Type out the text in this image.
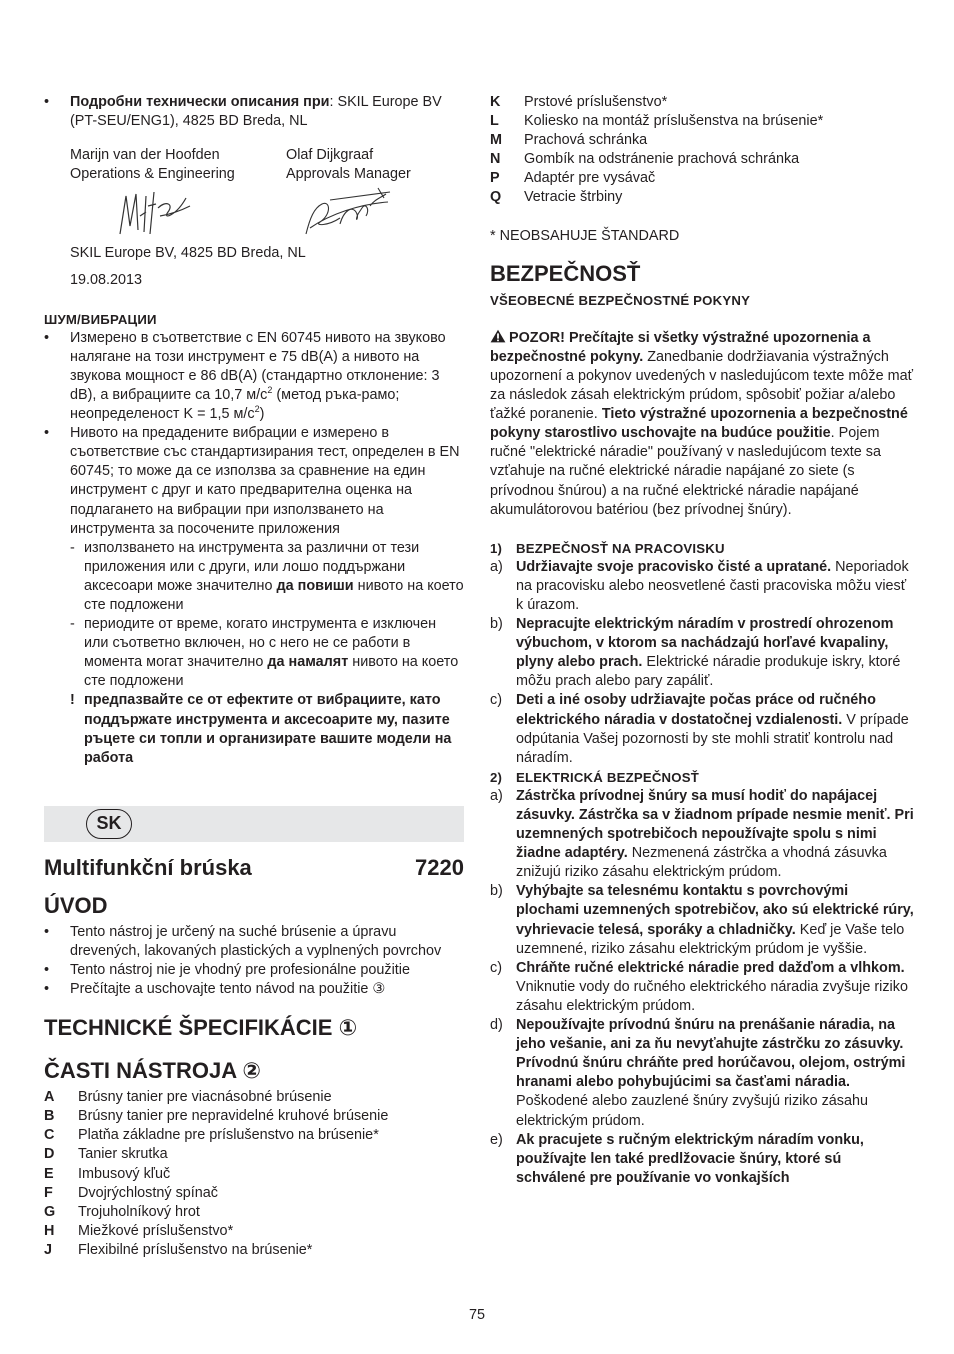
• Подробни технически описания при: SKIL Europe BV (PT-SEU/ENG1), 4825 BD Breda, NL

Marijn van der Hoofden

Operations & Engineering

Olaf Dijkgraaf

Approvals Manager

SKIL Europe BV, 4825 BD Breda, NL

19.08.2013

ШУМ/ВИБРАЦИИ

• Измерено в съответствие с EN 60745 нивото на звуково налягане на този инструмент е 75 dB(A) а нивото на звукова мощност е 86 dB(A) (стандартно отклонение: 3 dB), а вибрациите са 10,7 $м/с^2$ (метод ръка-рамо; неопределеност K = 1,5 $м/с^2$)

• Нивото на предадените вибрации е измерено в съответствие със стандартизирания тест, определен в EN 60745; то може да се използва за сравнение на един инструмент с друг и като предварителна оценка на подлагането на вибрации при използването на инструмента за посочените приложения

- използването на инструмента за различни от тези приложения или с други, или лошо поддържани аксесоари може значително да повиши нивото на което сте подложени

- периодите от време, когато инструмента е изключен или съответно включен, но с него не се работи в момента могат значително да намалят нивото на което сте подложени

! предпазвайте се от ефектите от вибрациите, като поддържате инструмента и аксесоарите му, пазите ръцете си топли и организирате вашите модели на работа

SK
Multifunkční brúska	7220

ÚVOD

• Tento nástroj je určený na suché brúsenie a úpravu drevených, lakovaných plastických a vyplnených povrchov

• Tento nástroj nie je vhodný pre profesionálne použitie

• Prečítajte a uschovajte tento návod na použitie ③

TECHNICKÉ ŠPECIFIKÁCIE ①

ČASTI NÁSTROJA ②

A Brúsny tanier pre viacnásobné brúsenie

B Brúsny tanier pre nepravidelné kruhové brúsenie

C Platňa základne pre príslušenstvo na brúsenie*

D Tanier skrutka

E Imbusový kľuč

F Dvojrýchlostný spínač

G Trojuholníkový hrot

H Miežkové príslušenstvo*

J Flexibilné príslušenstvo na brúsenie*

K Prstové príslušenstvo*

L Koliesko na montáž príslušenstva na brúsenie*

M Prachová schránka

N Gombík na odstránenie prachová schránka

P Adaptér pre vysávač

Q Vetracie štrbiny

* NEOBSAHUJE ŠTANDARD

BEZPEČNOSŤ

VŠEOBECNÉ BEZPEČNOSTNÉ POKYNY

POZOR! Prečítajte si všetky výstražné upozornenia a bezpečnostné pokyny. Zanedbanie dodržiavania výstražných upozornení a pokynov uvedených v nasledujúcom texte môže mať za následok zásah elektrickým prúdom, spôsobiť požiar a/alebo ťažké poranenie. Tieto výstražné upozornenia a bezpečnostné pokyny starostlivo uschovajte na budúce použitie. Pojem ručné "elektrické náradie" používaný v nasledujúcom texte sa vzťahuje na ručné elektrické náradie napájané zo siete (s prívodnou šnúrou) a na ručné elektrické náradie napájané akumulátorovou batériou (bez prívodnej šnúry).

1) BEZPEČNOSŤ NA PRACOVISKU

a) Udržiavajte svoje pracovisko čisté a upratané. Neporiadok na pracovisku alebo neosvetlené časti pracoviska môžu viesť k úrazom.

b) Nepracujte elektrickým náradím v prostredí ohrozenom výbuchom, v ktorom sa nachádzajú horľavé kvapaliny, plyny alebo prach. Elektrické náradie produkuje iskry, ktoré môžu prach alebo pary zapáliť.

c) Deti a iné osoby udržiavajte počas práce od ručného elektrického náradia v dostatočnej vzdialenosti. V prípade odpútania Vašej pozornosti by ste mohli stratiť kontrolu nad náradím.

2) ELEKTRICKÁ BEZPEČNOSŤ

a) Zástrčka prívodnej šnúry sa musí hodiť do napájacej zásuvky. Zástrčka sa v žiadnom prípade nesmie meniť. Pri uzemnených spotrebičoch nepoužívajte spolu s nimi žiadne adaptéry. Nezmenená zástrčka a vhodná zásuvka znižujú riziko zásahu elektrickým prúdom.

b) Vyhýbajte sa telesnému kontaktu s povrchovými plochami uzemnených spotrebičov, ako sú elektrické rúry, vyhrievacie telesá, sporáky a chladničky. Keď je Vaše telo uzemnené, riziko zásahu elektrickým prúdom je vyššie.

c) Chráňte ručné elektrické náradie pred dažďom a vlhkom. Vniknutie vody do ručného elektrického náradia zvyšuje riziko zásahu elektrickým prúdom.

d) Nepoužívajte prívodnú šnúru na prenášanie náradia, na jeho vešanie, ani za ňu nevyťahujte zástrčku zo zásuvky. Prívodnú šnúru chráňte pred horúčavou, olejom, ostrými hranami alebo pohybujúcimi sa časťami náradia. Poškodené alebo zauzlené šnúry zvyšujú riziko zásahu elektrickým prúdom.

e) Ak pracujete s ručným elektrickým náradím vonku, používajte len také predlžovacie šnúry, ktoré sú schválené pre používanie vo vonkajších

75
